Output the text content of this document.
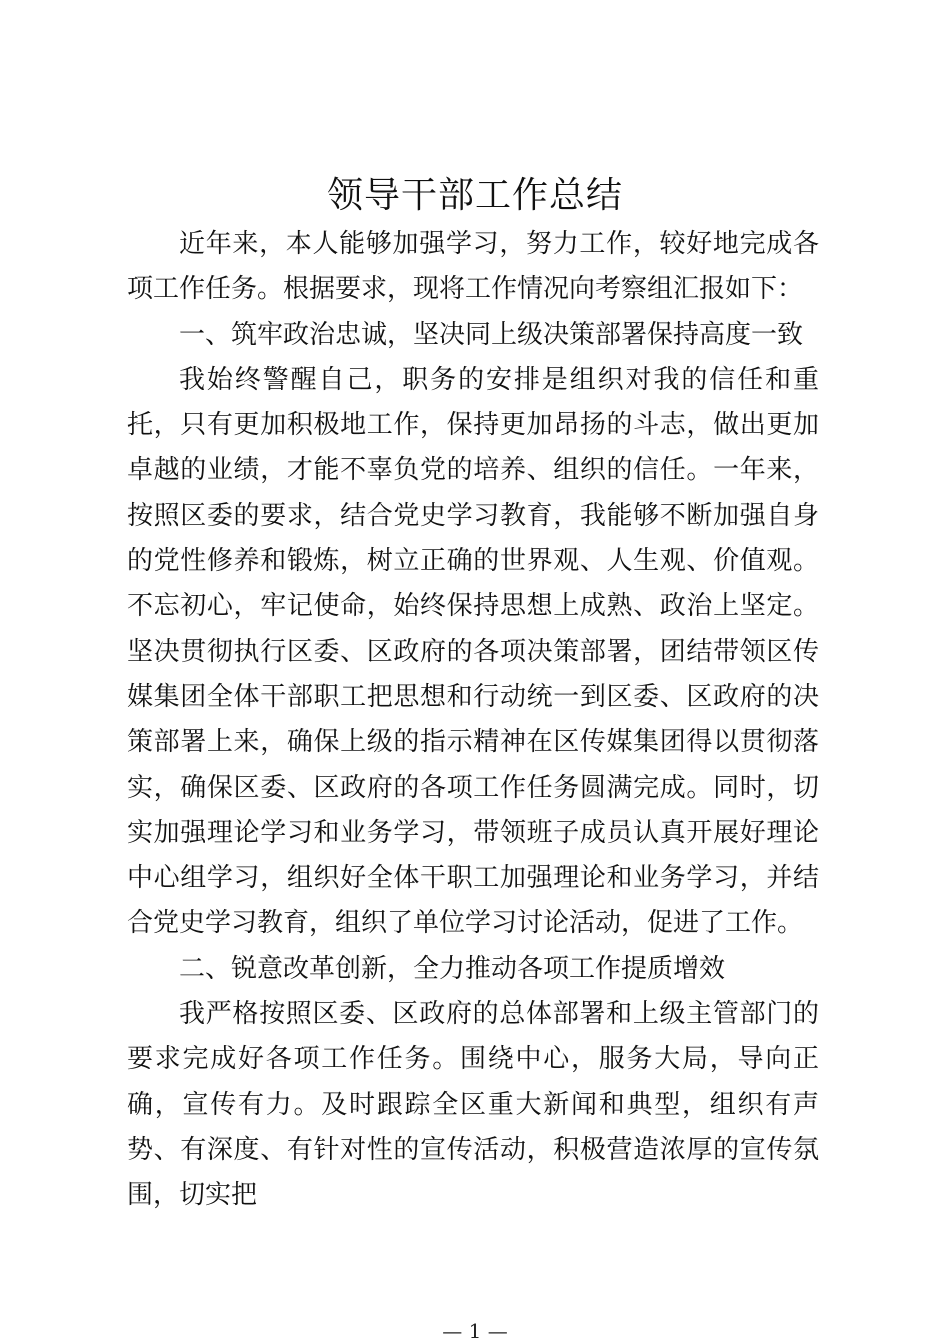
领导干部工作总结

近年来，本人能够加强学习，努力工作，较好地完成各项工作任务。根据要求，现将工作情况向考察组汇报如下：

一、筑牢政治忠诚，坚决同上级决策部署保持高度一致

我始终警醒自己，职务的安排是组织对我的信任和重托，只有更加积极地工作，保持更加昂扬的斗志，做出更加卓越的业绩，才能不辜负党的培养、组织的信任。一年来，按照区委的要求，结合党史学习教育，我能够不断加强自身的党性修养和锻炼，树立正确的世界观、人生观、价值观。不忘初心，牢记使命，始终保持思想上成熟、政治上坚定。坚决贯彻执行区委、区政府的各项决策部署，团结带领区传媒集团全体干部职工把思想和行动统一到区委、区政府的决策部署上来，确保上级的指示精神在区传媒集团得以贯彻落实，确保区委、区政府的各项工作任务圆满完成。同时，切实加强理论学习和业务学习，带领班子成员认真开展好理论中心组学习，组织好全体干职工加强理论和业务学习，并结合党史学习教育，组织了单位学习讨论活动，促进了工作。

二、锐意改革创新，全力推动各项工作提质增效

我严格按照区委、区政府的总体部署和上级主管部门的要求完成好各项工作任务。围绕中心，服务大局，导向正确，宣传有力。及时跟踪全区重大新闻和典型，组织有声势、有深度、有针对性的宣传活动，积极营造浓厚的宣传氛围，切实把

— 1 —
